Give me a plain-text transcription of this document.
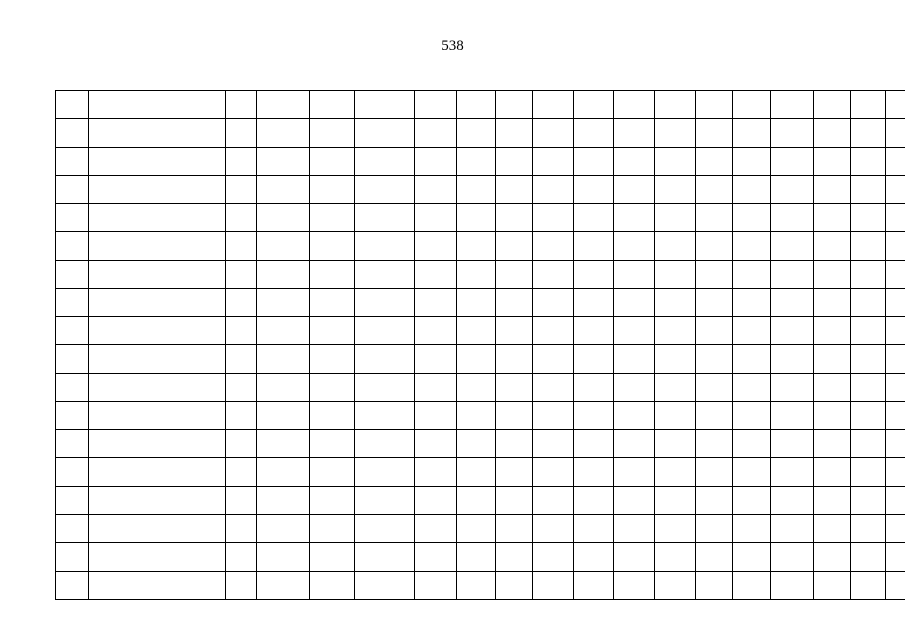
538
